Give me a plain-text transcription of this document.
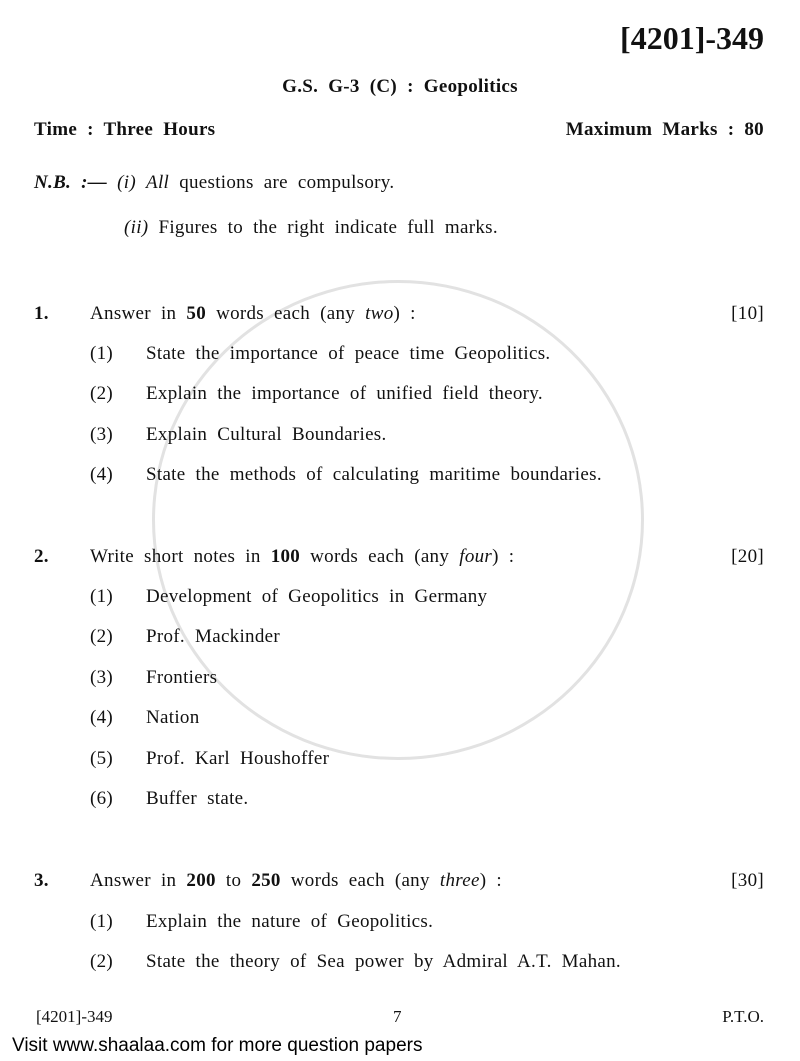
[4201]-349
G.S. G-3 (C) : Geopolitics
Time : Three Hours	Maximum Marks : 80
N.B. :— (i) All questions are compulsory.
(ii) Figures to the right indicate full marks.
1. Answer in 50 words each (any two) :	[10]
(1) State the importance of peace time Geopolitics.
(2) Explain the importance of unified field theory.
(3) Explain Cultural Boundaries.
(4) State the methods of calculating maritime boundaries.
2. Write short notes in 100 words each (any four) :	[20]
(1) Development of Geopolitics in Germany
(2) Prof. Mackinder
(3) Frontiers
(4) Nation
(5) Prof. Karl Houshoffer
(6) Buffer state.
3. Answer in 200 to 250 words each (any three) :	[30]
(1) Explain the nature of Geopolitics.
(2) State the theory of Sea power by Admiral A.T. Mahan.
[4201]-349	7	P.T.O.
Visit www.shaalaa.com for more question papers
